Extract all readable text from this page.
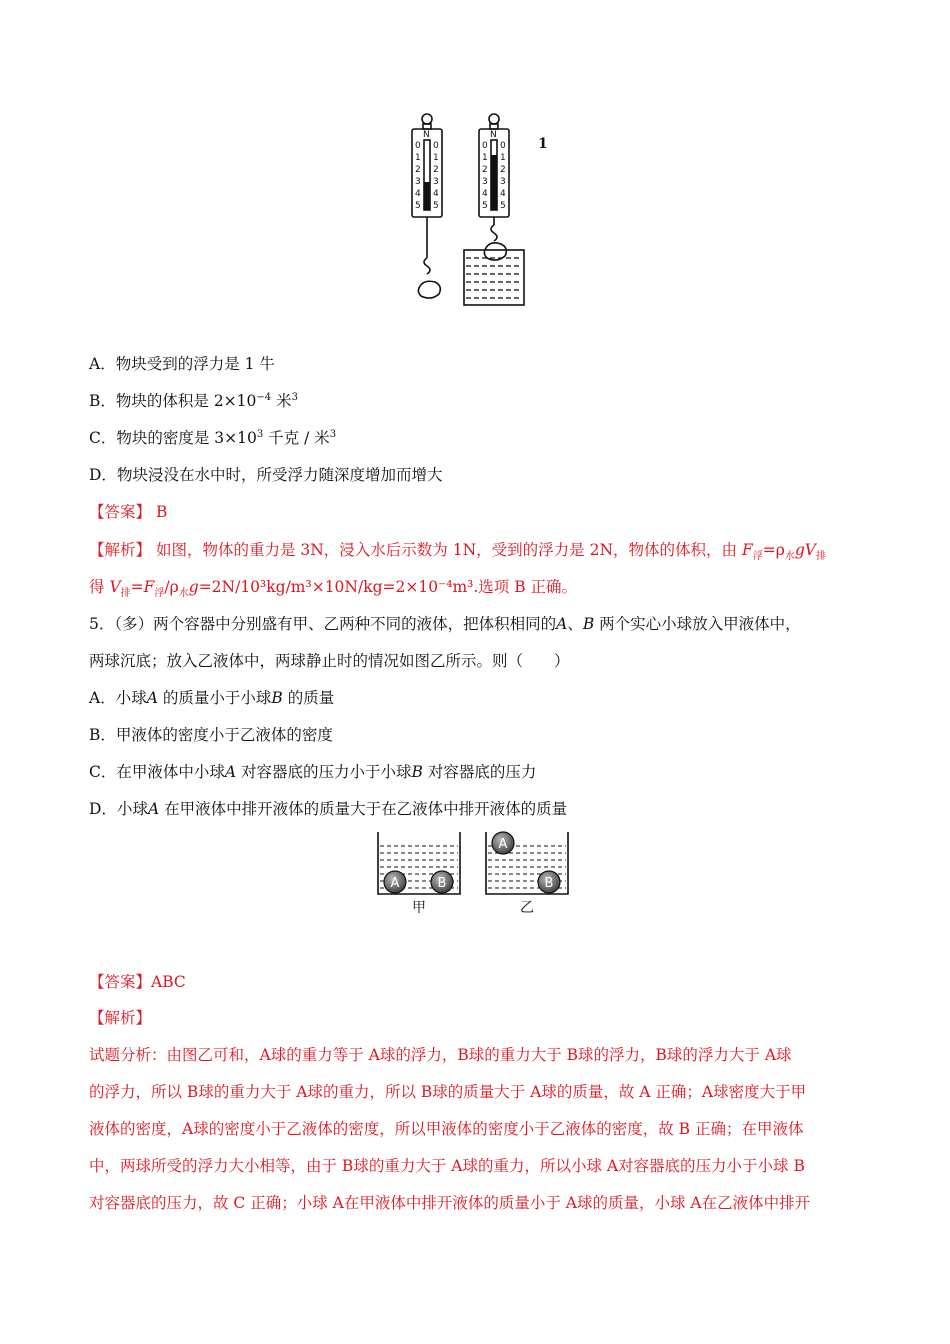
N
0
1
2
3
4
5
0
1
2
3
4
5
N
0
1
2
3
4
5
0
1
2
3
4
5
1
A．物块受到的浮力是 1 牛
B．物块的体积是 $2\times 10^{-4}$ 米$^3$
C．物块的密度是 $3\times 10^3$ 千克 / 米$^3$
D．物块浸没在水中时，所受浮力随深度增加而增大
【答案】 B
【解析】 如图，物体的重力是 3N，浸入水后示数为 1N，受到的浮力是 2N，物体的体积，由 $F_浮=\rho_水gV_排$
得 $V_排=F_浮/\rho_水g=2N/10^3kg/m^3\times 10N/kg=2\times 10^{-4}m^3$.选项 B 正确。
5．（多）两个容器中分别盛有甲、乙两种不同的液体，把体积相同的A、B 两个实心小球放入甲液体中，
两球沉底；放入乙液体中，两球静止时的情况如图乙所示。则（　　）
A．小球A 的质量小于小球B 的质量
B．甲液体的密度小于乙液体的密度
C．在甲液体中小球A 对容器底的压力小于小球B 对容器底的压力
D．小球A 在甲液体中排开液体的质量大于在乙液体中排开液体的质量
A	B
A
B
甲	乙
【答案】ABC
【解析】
试题分析：由图乙可和，A球的重力等于 A球的浮力，B球的重力大于 B球的浮力，B球的浮力大于 A球
的浮力，所以 B球的重力大于 A球的重力，所以 B球的质量大于 A球的质量，故 A 正确；A球密度大于甲
液体的密度，A球的密度小于乙液体的密度，所以甲液体的密度小于乙液体的密度，故 B 正确；在甲液体
中，两球所受的浮力大小相等，由于 B球的重力大于 A球的重力，所以小球 A对容器底的压力小于小球 B
对容器底的压力，故 C 正确；小球 A在甲液体中排开液体的质量小于 A球的质量，小球 A在乙液体中排开
